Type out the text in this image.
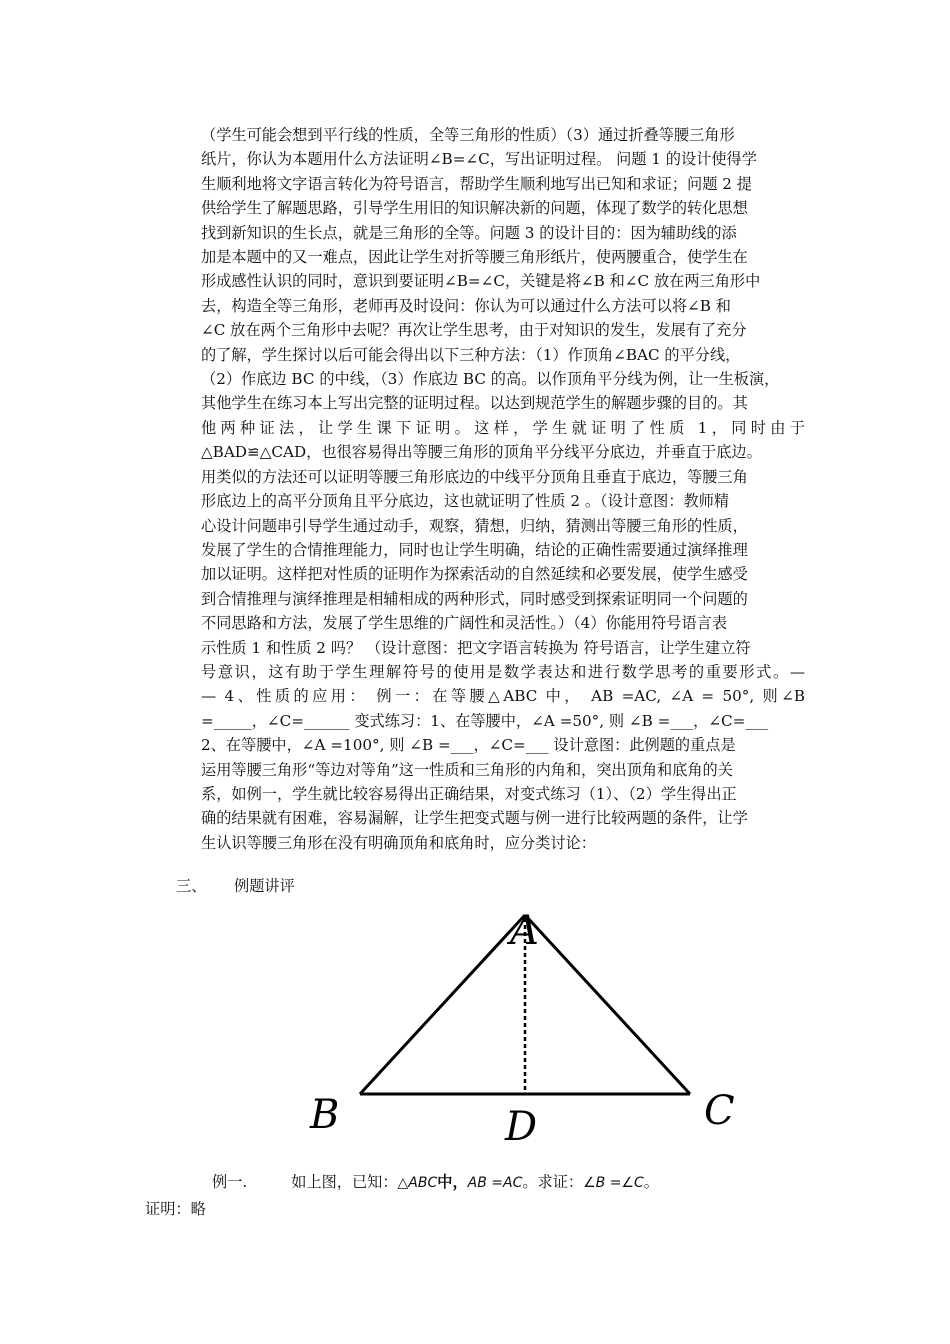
（学生可能会想到平行线的性质，全等三角形的性质）（3）通过折叠等腰三角形
纸片，你认为本题用什么方法证明∠B=∠C，写出证明过程。 问题 1 的设计使得学
生顺利地将文字语言转化为符号语言，帮助学生顺利地写出已知和求证；问题 2 提
供给学生了解题思路，引导学生用旧的知识解决新的问题，体现了数学的转化思想
找到新知识的生长点，就是三角形的全等。问题 3 的设计目的：因为辅助线的添
加是本题中的又一难点，因此让学生对折等腰三角形纸片，使两腰重合，使学生在
形成感性认识的同时，意识到要证明∠B=∠C，关键是将∠B 和∠C 放在两三角形中
去，构造全等三角形，老师再及时设问：你认为可以通过什么方法可以将∠B 和
∠C 放在两个三角形中去呢？再次让学生思考，由于对知识的发生，发展有了充分
的了解，学生探讨以后可能会得出以下三种方法：（1）作顶角∠BAC 的平分线，
（2）作底边 BC 的中线，（3）作底边 BC 的高。以作顶角平分线为例，让一生板演，
其他学生在练习本上写出完整的证明过程。以达到规范学生的解题步骤的目的。其
他两种证法，让学生课下证明。这样，学生就证明了性质 1，同时由于
△BAD≌△CAD，也很容易得出等腰三角形的顶角平分线平分底边，并垂直于底边。
用类似的方法还可以证明等腰三角形底边的中线平分顶角且垂直于底边，等腰三角
形底边上的高平分顶角且平分底边，这也就证明了性质 2 。（设计意图：教师精
心设计问题串引导学生通过动手，观察，猜想，归纳，猜测出等腰三角形的性质，
发展了学生的合情推理能力，同时也让学生明确，结论的正确性需要通过演绎推理
加以证明。这样把对性质的证明作为探索活动的自然延续和必要发展，使学生感受
到合情推理与演绎推理是相辅相成的两种形式，同时感受到探索证明同一个问题的
不同思路和方法，发展了学生思维的广阔性和灵活性。）（4）你能用符号语言表
示性质 1 和性质 2 吗？ （设计意图：把文字语言转换为 符号语言，让学生建立符
号意识，这有助于学生理解符号的使用是数学表达和进行数学思考的重要形式。—
— 4、性质的应用： 例一：在等腰△ABC 中， AB =AC, ∠A = 50°, 则∠B
=_____，∠C=______ 变式练习：1、在等腰中，∠A =50°, 则 ∠B =___，∠C=___
2、在等腰中，∠A =100°, 则 ∠B =___，∠C=___ 设计意图：此例题的重点是
运用等腰三角形“等边对等角”这一性质和三角形的内角和，突出顶角和底角的关
系，如例一，学生就比较容易得出正确结果，对变式练习（1）、（2）学生得出正
确的结果就有困难，容易漏解，让学生把变式题与例一进行比较两题的条件，让学
生认识等腰三角形在没有明确顶角和底角时，应分类讨论：
三、 例题讲评
A
B	C
D
例一.	如上图，已知：△ABC中，AB =AC。求证：∠B =∠C。
证明：略
